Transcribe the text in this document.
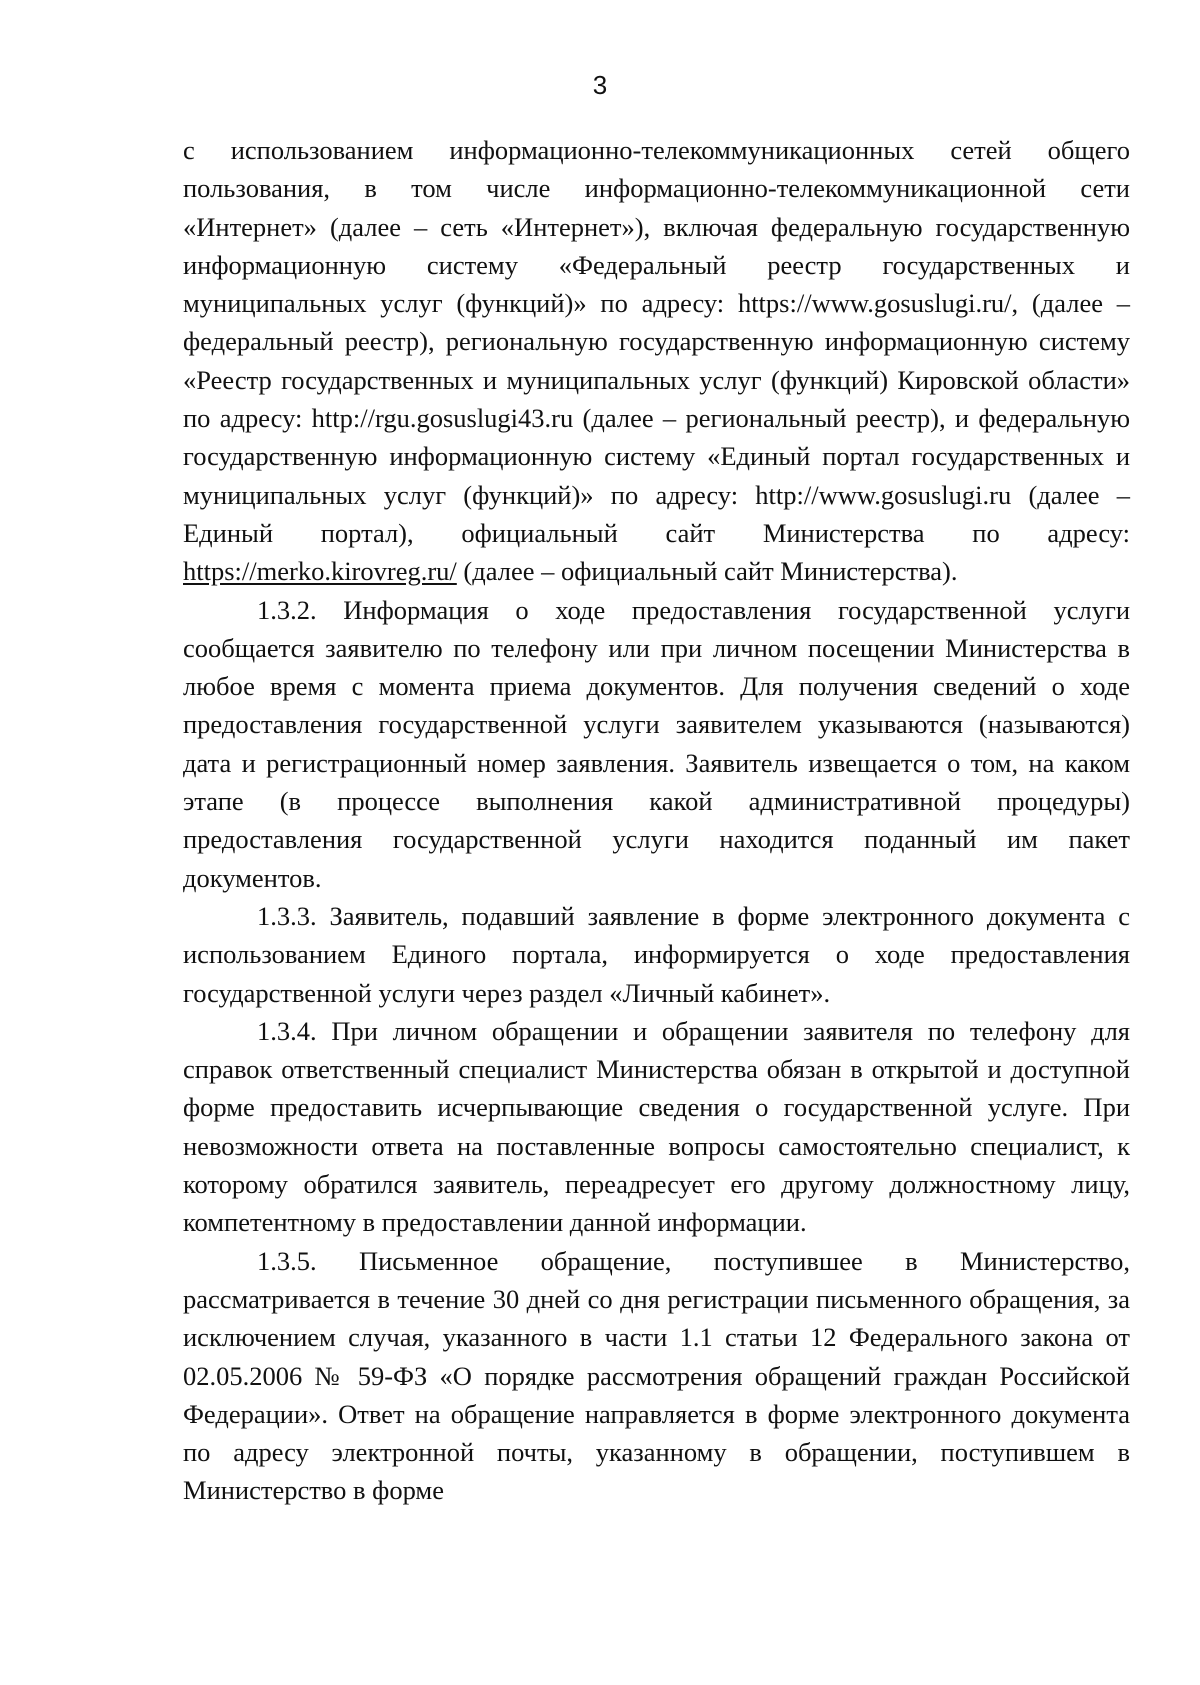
3

с использованием информационно-телекоммуникационных сетей общего пользования, в том числе информационно-телекоммуникационной сети «Интернет» (далее – сеть «Интернет»), включая федеральную государственную информационную систему «Федеральный реестр государственных и муниципальных услуг (функций)» по адресу: https://www.gosuslugi.ru/, (далее – федеральный реестр), региональную государственную информационную систему «Реестр государственных и муниципальных услуг (функций) Кировской области» по адресу: http://rgu.gosuslugi43.ru (далее – региональный реестр), и федеральную государственную информационную систему «Единый портал государственных и муниципальных услуг (функций)» по адресу: http://www.gosuslugi.ru (далее – Единый портал), официальный сайт Министерства по адресу: https://merko.kirovreg.ru/ (далее – официальный сайт Министерства).

1.3.2. Информация о ходе предоставления государственной услуги сообщается заявителю по телефону или при личном посещении Министерства в любое время с момента приема документов. Для получения сведений о ходе предоставления государственной услуги заявителем указываются (называются) дата и регистрационный номер заявления. Заявитель извещается о том, на каком этапе (в процессе выполнения какой административной процедуры) предоставления государственной услуги находится поданный им пакет документов.

1.3.3. Заявитель, подавший заявление в форме электронного документа с использованием Единого портала, информируется о ходе предоставления государственной услуги через раздел «Личный кабинет».

1.3.4. При личном обращении и обращении заявителя по телефону для справок ответственный специалист Министерства обязан в открытой и доступной форме предоставить исчерпывающие сведения о государственной услуге. При невозможности ответа на поставленные вопросы самостоятельно специалист, к которому обратился заявитель, переадресует его другому должностному лицу, компетентному в предоставлении данной информации.

1.3.5. Письменное обращение, поступившее в Министерство, рассматривается в течение 30 дней со дня регистрации письменного обращения, за исключением случая, указанного в части 1.1 статьи 12 Федерального закона от 02.05.2006 № 59-ФЗ «О порядке рассмотрения обращений граждан Российской Федерации». Ответ на обращение направляется в форме электронного документа по адресу электронной почты, указанному в обращении, поступившем в Министерство в форме
